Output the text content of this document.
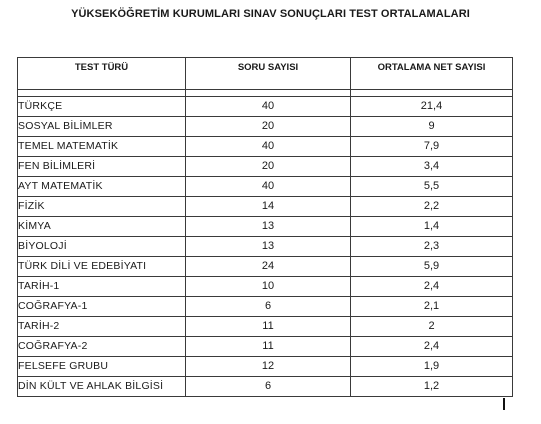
YÜKSEKÖĞRETİM KURUMLARI SINAV SONUÇLARI TEST ORTALAMALARI
TEST TÜRÜ	SORU SAYISI	ORTALAMA NET SAYISI

TÜRKÇE	40	21,4
SOSYAL BİLİMLER	20	9
TEMEL MATEMATİK	40	7,9
FEN BİLİMLERİ	20	3,4
AYT MATEMATİK	40	5,5
FİZİK	14	2,2
KİMYA	13	1,4
BİYOLOJİ	13	2,3
TÜRK DİLİ VE EDEBİYATI	24	5,9
TARİH-1	10	2,4
COĞRAFYA-1	6	2,1
TARİH-2	11	2
COĞRAFYA-2	11	2,4
FELSEFE GRUBU	12	1,9
DİN KÜLT VE AHLAK BİLGİSİ	6	1,2
